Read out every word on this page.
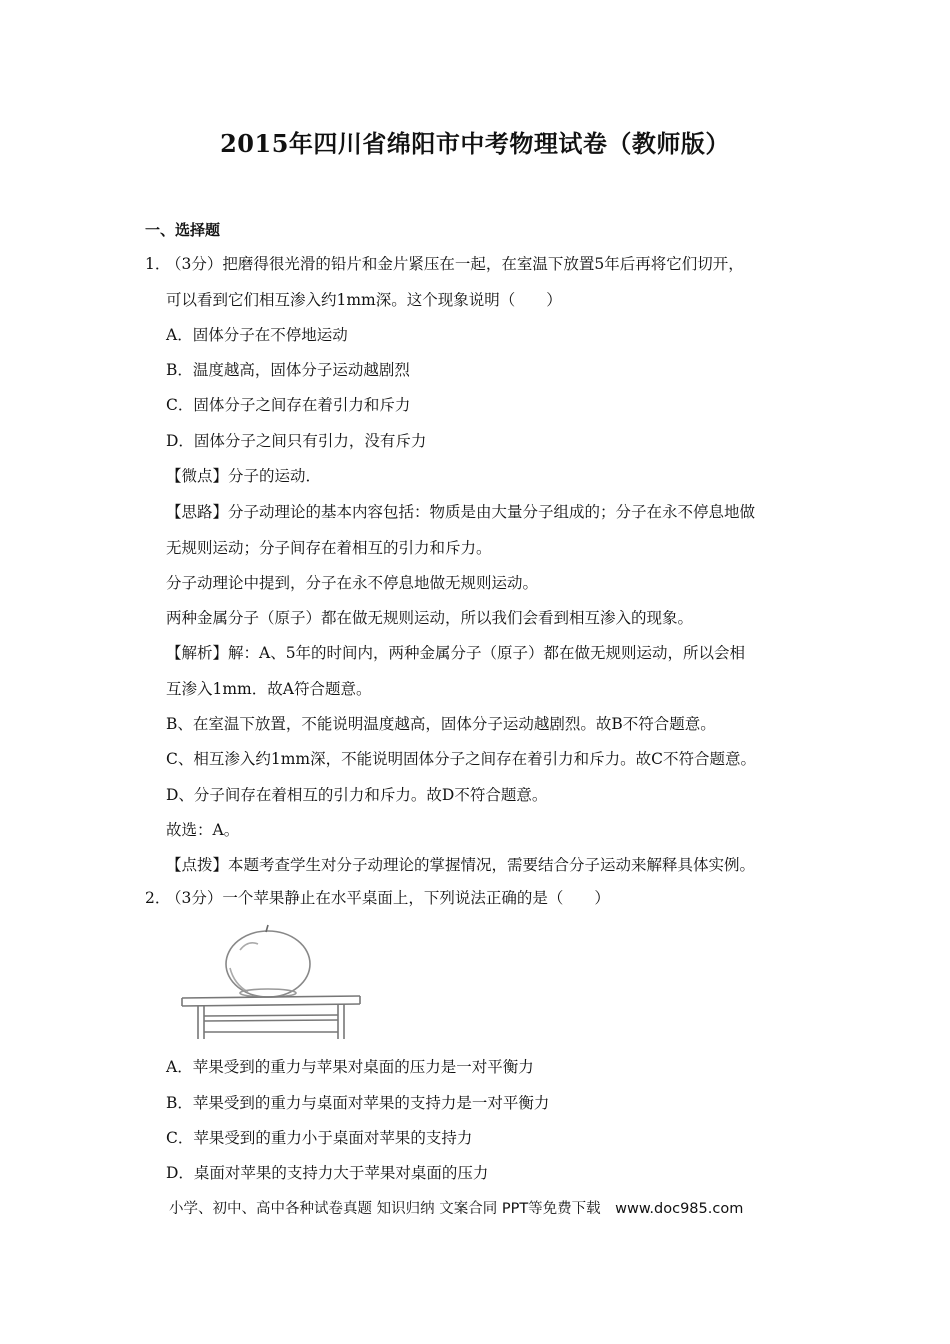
2015年四川省绵阳市中考物理试卷（教师版）
一、选择题
1．
（3分）把磨得很光滑的铅片和金片紧压在一起，在室温下放置5年后再将它们切开，
可以看到它们相互渗入约1mm深。这个现象说明（　　）
A．固体分子在不停地运动
B．温度越高，固体分子运动越剧烈
C．固体分子之间存在着引力和斥力
D．固体分子之间只有引力，没有斥力
【微点】分子的运动．
【思路】分子动理论的基本内容包括：物质是由大量分子组成的；分子在永不停息地做
无规则运动；分子间存在着相互的引力和斥力。
分子动理论中提到，分子在永不停息地做无规则运动。
两种金属分子（原子）都在做无规则运动，所以我们会看到相互渗入的现象。
【解析】解：A、5年的时间内，两种金属分子（原子）都在做无规则运动，所以会相
互渗入1mm．故A符合题意。
B、在室温下放置，不能说明温度越高，固体分子运动越剧烈。故B不符合题意。
C、相互渗入约1mm深，不能说明固体分子之间存在着引力和斥力。故C不符合题意。
D、分子间存在着相互的引力和斥力。故D不符合题意。
故选：A。
【点拨】本题考查学生对分子动理论的掌握情况，需要结合分子运动来解释具体实例。
2．
（3分）一个苹果静止在水平桌面上，下列说法正确的是（　　）
A．苹果受到的重力与苹果对桌面的压力是一对平衡力
B．苹果受到的重力与桌面对苹果的支持力是一对平衡力
C．苹果受到的重力小于桌面对苹果的支持力
D．桌面对苹果的支持力大于苹果对桌面的压力
小学、初中、高中各种试卷真题 知识归纳 文案合同 PPT等免费下载　www.doc985.com
